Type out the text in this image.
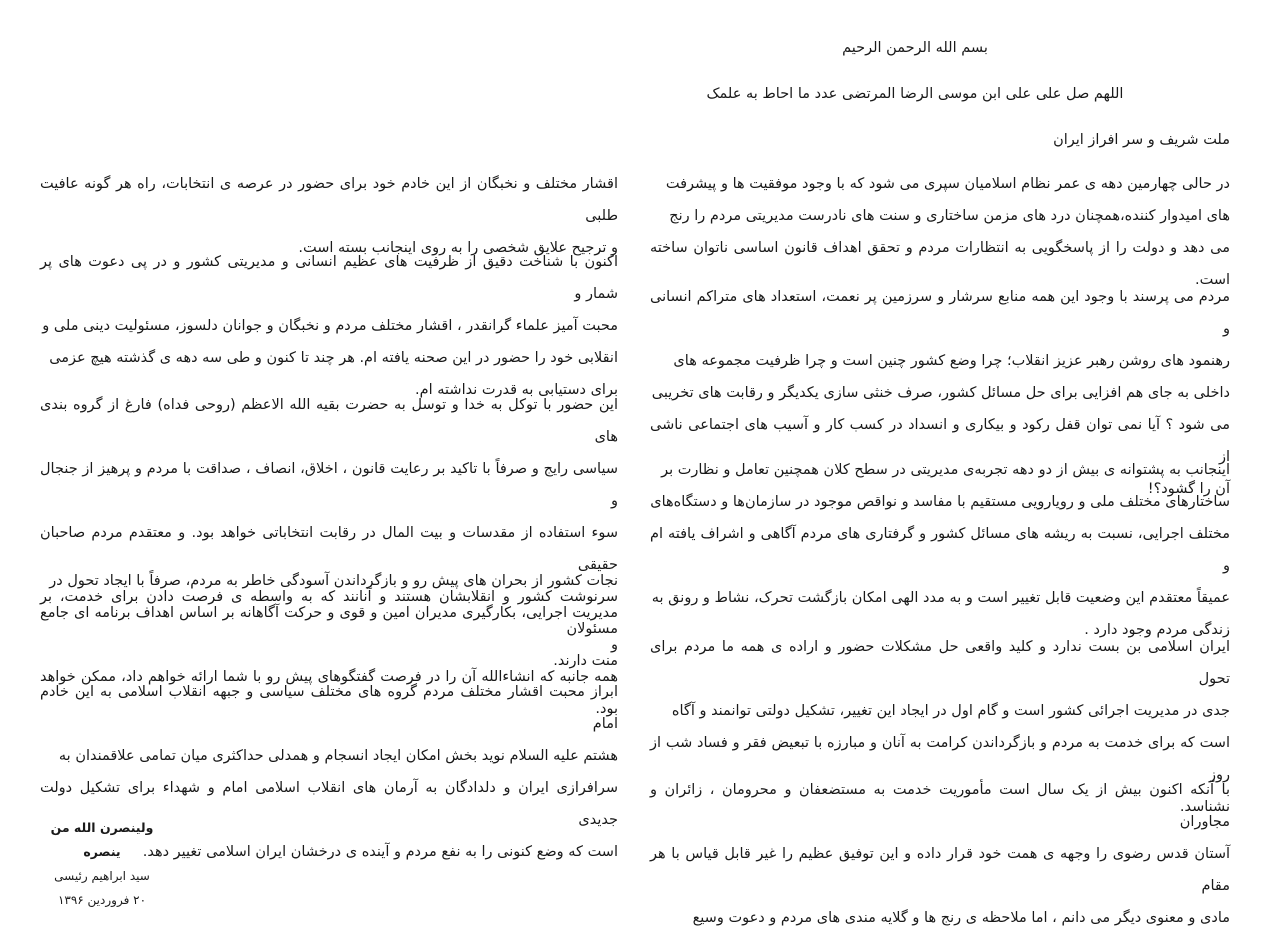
بسم الله الرحمن الرحیم
اللهم صل علی علی ابن موسی الرضا المرتضی عدد ما احاط به علمک
ملت شریف و سر افراز ایران

در حالی چهارمین دهه ی عمر نظام اسلامیان سپری می شود که با وجود موفقیت ها و پیشرفت

های امیدوار کننده،همچنان درد های مزمن ساختاری و سنت های نادرست مدیریتی مردم را رنج

می دهد و دولت را از پاسخگویی به انتظارات مردم و تحقق اهداف قانون اساسی ناتوان ساخته است.

مردم می پرسند با وجود این همه منابع سرشار و سرزمین پر نعمت، استعداد های متراکم انسانی و

رهنمود های روشن رهبر عزیز انقلاب؛ چرا وضع کشور چنین است و چرا ظرفیت مجموعه های

داخلی به جای هم افزایی برای حل مسائل کشور، صرف خنثی سازی یکدیگر و رقابت های تخریبی

می شود ؟ آیا نمی توان قفل رکود و بیکاری و انسداد در کسب کار و آسیب های اجتماعی ناشی از

آن را گشود؟!

اینجانب به پشتوانه ی بیش از دو دهه تجربه‌ی مدیریتی در سطح کلان همچنین تعامل و نظارت بر

ساختارهای مختلف ملی و رویارویی مستقیم با مفاسد و نواقص موجود در سازمان‌ها و دستگاه‌های

مختلف اجرایی، نسبت به ریشه های مسائل کشور و گرفتاری های مردم آگاهی و اشراف یافته ام و

عمیقاً معتقدم این وضعیت قابل تغییر است و به مدد الهی امکان بازگشت تحرک، نشاط و رونق به

زندگی مردم وجود دارد .

ایران اسلامی بن بست ندارد و کلید واقعی حل مشکلات حضور و اراده ی همه ما مردم برای تحول

جدی در مدیریت اجرائی کشور است و گام اول در ایجاد این تغییر، تشکیل دولتی توانمند و آگاه

است که برای خدمت به مردم و بازگرداندن کرامت به آنان و مبارزه با تبعیض فقر و فساد شب از روز

نشناسد.

با آنکه اکنون بیش از یک سال است مأموریت خدمت به مستضعفان و محرومان ، زائران و مجاوران

آستان قدس رضوی را وجهه ی همت خود قرار داده و این توفیق عظیم را غیر قابل قیاس با هر مقام

مادی و معنوی دیگر می دانم ، اما ملاحظه ی رنج ها و گلایه مندی های مردم و دعوت وسیع

اقشار مختلف و نخبگان از این خادم خود برای حضور در عرصه ی انتخابات، راه هر گونه عافیت طلبی

و ترجیح علایق شخصی را به روی اینجانب بسته است.

اکنون با شناخت دقیق از ظرفیت های عظیم انسانی و مدیریتی کشور و در پی دعوت های پر شمار و

محبت آمیز علماء گرانقدر ، اقشار مختلف مردم و نخبگان و جوانان دلسوز، مسئولیت دینی ملی و

انقلابی خود را حضور در این صحنه یافته ام. هر چند تا کنون و طی سه دهه ی گذشته هیچ عزمی

برای دستیابی به قدرت نداشته ام.

این حضور با توکل به خدا و توسل به حضرت بقیه الله الاعظم (روحی فداه) فارغ از گروه بندی های

سیاسی رایج و صرفاً با تاکید بر رعایت قانون ، اخلاق، انصاف ، صداقت با مردم و پرهیز از جنجال و

سوء استفاده از مقدسات و بیت المال در رقابت انتخاباتی خواهد بود. و معتقدم مردم صاحبان حقیقی

سرنوشت کشور و انقلابشان هستند و آنانند که به واسطه ی فرصت دادن برای خدمت، بر مسئولان

منت دارند.

نجات کشور از بحران های پیش رو و بازگرداندن آسودگی خاطر به مردم، صرفاً با ایجاد تحول در

مدیریت اجرایی، بکارگیری مدیران امین و قوی و حرکت آگاهانه بر اساس اهداف برنامه ای جامع و

همه جانبه که انشاءالله آن را در فرصت گفتگوهای پیش رو با شما ارائه خواهم داد، ممکن خواهد بود.

ابراز محبت اقشار مختلف مردم گروه های مختلف سیاسی و جبهه انقلاب اسلامی به این خادم امام

هشتم علیه السلام نوید بخش امکان ایجاد انسجام و همدلی حداکثری میان تمامی علاقمندان به

سرافرازی ایران و دلدادگان به آرمان های انقلاب اسلامی امام و شهداء برای تشکیل دولت جدیدی

است که وضع کنونی را به نفع مردم و آینده ی درخشان ایران اسلامی تغییر دهد.

ولینصرن الله من ینصره
سید ابراهیم رئیسی
۲۰ فروردین ۱۳۹۶
